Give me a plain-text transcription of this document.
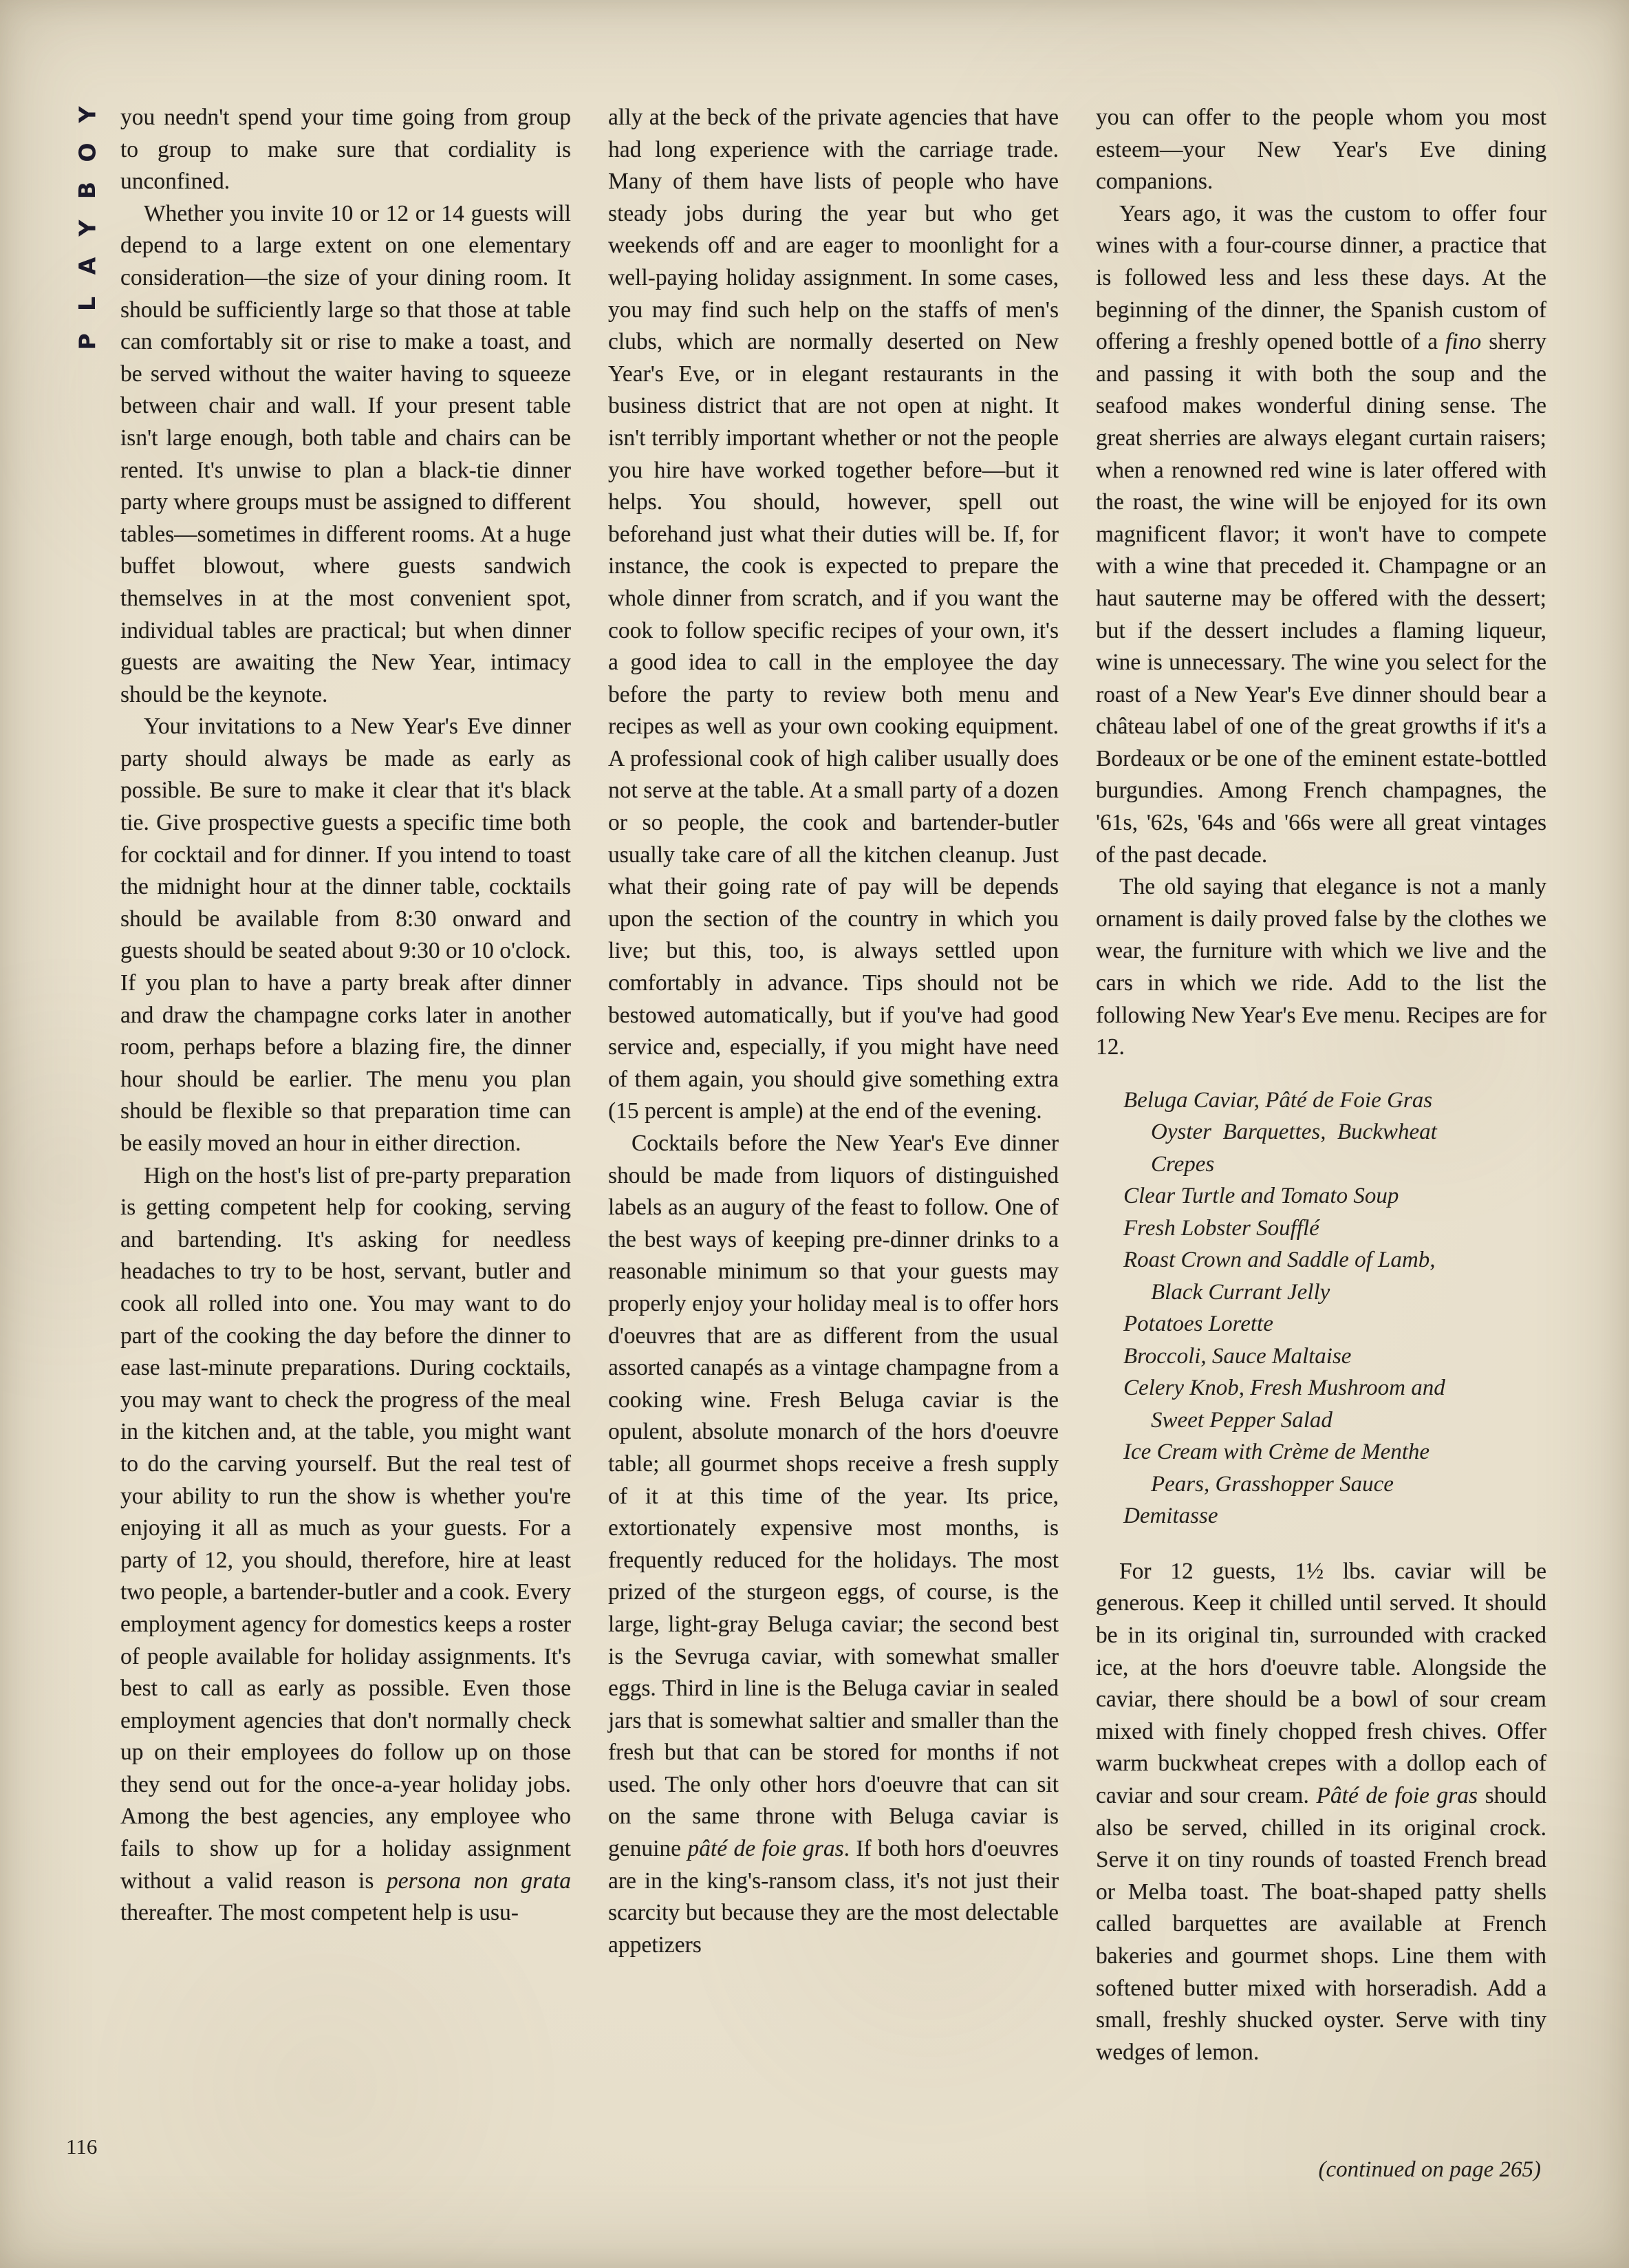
Y
O
B
Y
A
L
P

you needn't spend your time going from group to group to make sure that cordiality is unconfined.

Whether you invite 10 or 12 or 14 guests will depend to a large extent on one elementary consideration—the size of your dining room. It should be sufficiently large so that those at table can comfortably sit or rise to make a toast, and be served without the waiter having to squeeze between chair and wall. If your present table isn't large enough, both table and chairs can be rented. It's unwise to plan a black-tie dinner party where groups must be assigned to different tables—sometimes in different rooms. At a huge buffet blowout, where guests sandwich themselves in at the most convenient spot, individual tables are practical; but when dinner guests are awaiting the New Year, intimacy should be the keynote.

Your invitations to a New Year's Eve dinner party should always be made as early as possible. Be sure to make it clear that it's black tie. Give prospective guests a specific time both for cocktail and for dinner. If you intend to toast the midnight hour at the dinner table, cocktails should be available from 8:30 onward and guests should be seated about 9:30 or 10 o'clock. If you plan to have a party break after dinner and draw the champagne corks later in another room, perhaps before a blazing fire, the dinner hour should be earlier. The menu you plan should be flexible so that preparation time can be easily moved an hour in either direction.

High on the host's list of pre-party preparation is getting competent help for cooking, serving and bartending. It's asking for needless headaches to try to be host, servant, butler and cook all rolled into one. You may want to do part of the cooking the day before the dinner to ease last-minute preparations. During cocktails, you may want to check the progress of the meal in the kitchen and, at the table, you might want to do the carving yourself. But the real test of your ability to run the show is whether you're enjoying it all as much as your guests. For a party of 12, you should, therefore, hire at least two people, a bartender-butler and a cook. Every employment agency for domestics keeps a roster of people available for holiday assignments. It's best to call as early as possible. Even those employment agencies that don't normally check up on their employees do follow up on those they send out for the once-a-year holiday jobs. Among the best agencies, any employee who fails to show up for a holiday assignment without a valid reason is persona non grata thereafter. The most competent help is usu-

ally at the beck of the private agencies that have had long experience with the carriage trade. Many of them have lists of people who have steady jobs during the year but who get weekends off and are eager to moonlight for a well-paying holiday assignment. In some cases, you may find such help on the staffs of men's clubs, which are normally deserted on New Year's Eve, or in elegant restaurants in the business district that are not open at night. It isn't terribly important whether or not the people you hire have worked together before—but it helps. You should, however, spell out beforehand just what their duties will be. If, for instance, the cook is expected to prepare the whole dinner from scratch, and if you want the cook to follow specific recipes of your own, it's a good idea to call in the employee the day before the party to review both menu and recipes as well as your own cooking equipment. A professional cook of high caliber usually does not serve at the table. At a small party of a dozen or so people, the cook and bartender-butler usually take care of all the kitchen cleanup. Just what their going rate of pay will be depends upon the section of the country in which you live; but this, too, is always settled upon comfortably in advance. Tips should not be bestowed automatically, but if you've had good service and, especially, if you might have need of them again, you should give something extra (15 percent is ample) at the end of the evening.

Cocktails before the New Year's Eve dinner should be made from liquors of distinguished labels as an augury of the feast to follow. One of the best ways of keeping pre-dinner drinks to a reasonable minimum so that your guests may properly enjoy your holiday meal is to offer hors d'oeuvres that are as different from the usual assorted canapés as a vintage champagne from a cooking wine. Fresh Beluga caviar is the opulent, absolute monarch of the hors d'oeuvre table; all gourmet shops receive a fresh supply of it at this time of the year. Its price, extortionately expensive most months, is frequently reduced for the holidays. The most prized of the sturgeon eggs, of course, is the large, light-gray Beluga caviar; the second best is the Sevruga caviar, with somewhat smaller eggs. Third in line is the Beluga caviar in sealed jars that is somewhat saltier and smaller than the fresh but that can be stored for months if not used. The only other hors d'oeuvre that can sit on the same throne with Beluga caviar is genuine pâté de foie gras. If both hors d'oeuvres are in the king's-ransom class, it's not just their scarcity but because they are the most delectable appetizers

you can offer to the people whom you most esteem—your New Year's Eve dining companions.

Years ago, it was the custom to offer four wines with a four-course dinner, a practice that is followed less and less these days. At the beginning of the dinner, the Spanish custom of offering a freshly opened bottle of a fino sherry and passing it with both the soup and the seafood makes wonderful dining sense. The great sherries are always elegant curtain raisers; when a renowned red wine is later offered with the roast, the wine will be enjoyed for its own magnificent flavor; it won't have to compete with a wine that preceded it. Champagne or an haut sauterne may be offered with the dessert; but if the dessert includes a flaming liqueur, wine is unnecessary. The wine you select for the roast of a New Year's Eve dinner should bear a château label of one of the great growths if it's a Bordeaux or be one of the eminent estate-bottled burgundies. Among French champagnes, the '61s, '62s, '64s and '66s were all great vintages of the past decade.

The old saying that elegance is not a manly ornament is daily proved false by the clothes we wear, the furniture with which we live and the cars in which we ride. Add to the list the following New Year's Eve menu. Recipes are for 12.

Beluga Caviar, Pâté de Foie Gras
Oyster  Barquettes,  Buckwheat
Crepes
Clear Turtle and Tomato Soup
Fresh Lobster Soufflé
Roast Crown and Saddle of Lamb,
Black Currant Jelly
Potatoes Lorette
Broccoli, Sauce Maltaise
Celery Knob, Fresh Mushroom and
Sweet Pepper Salad
Ice Cream with Crème de Menthe
Pears, Grasshopper Sauce
Demitasse

For 12 guests, 1½ lbs. caviar will be generous. Keep it chilled until served. It should be in its original tin, surrounded with cracked ice, at the hors d'oeuvre table. Alongside the caviar, there should be a bowl of sour cream mixed with finely chopped fresh chives. Offer warm buckwheat crepes with a dollop each of caviar and sour cream. Pâté de foie gras should also be served, chilled in its original crock. Serve it on tiny rounds of toasted French bread or Melba toast. The boat-shaped patty shells called barquettes are available at French bakeries and gourmet shops. Line them with softened butter mixed with horseradish. Add a small, freshly shucked oyster. Serve with tiny wedges of lemon.

116
(continued on page 265)
